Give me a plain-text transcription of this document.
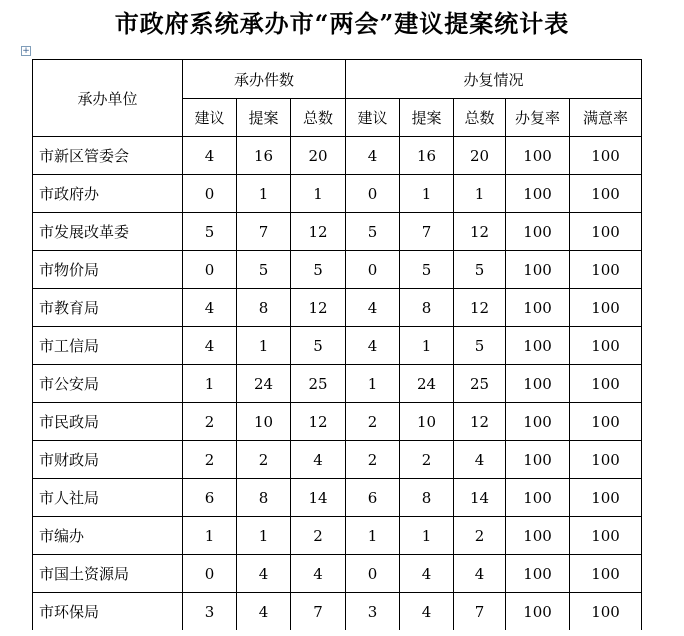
市政府系统承办市“两会”建议提案统计表
+
承办单位	承办件数			办复情况				
	建议	提案	总数	建议	提案	总数	办复率	满意率
市新区管委会	4	16	20	4	16	20	100	100
市政府办	0	1	1	0	1	1	100	100
市发展改革委	5	7	12	5	7	12	100	100
市物价局	0	5	5	0	5	5	100	100
市教育局	4	8	12	4	8	12	100	100
市工信局	4	1	5	4	1	5	100	100
市公安局	1	24	25	1	24	25	100	100
市民政局	2	10	12	2	10	12	100	100
市财政局	2	2	4	2	2	4	100	100
市人社局	6	8	14	6	8	14	100	100
市编办	1	1	2	1	1	2	100	100
市国土资源局	0	4	4	0	4	4	100	100
市环保局	3	4	7	3	4	7	100	100
